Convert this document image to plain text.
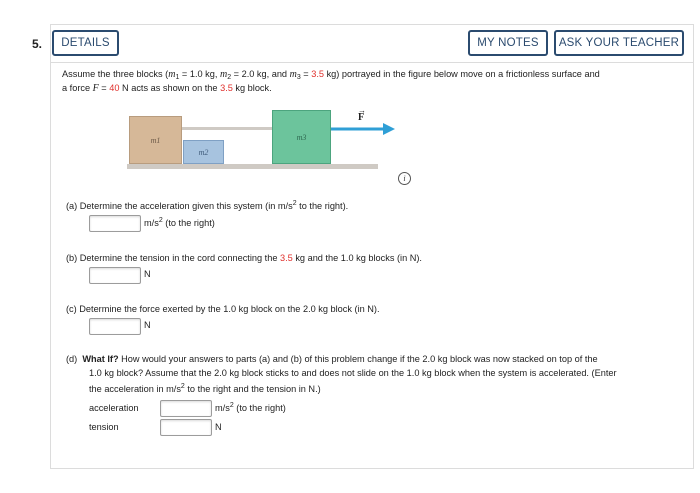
5.	DETAILS	MY NOTES	ASK YOUR TEACHER
Assume the three blocks ($m_1 = 1.0$ kg, $m_2 = 2.0$ kg, and $m_3 = 3.5$ kg) portrayed in the figure below move on a frictionless surface and
a force F = 40 N acts as shown on the 3.5 kg block.
m1
m2
m3
→
F
i
(a) Determine the acceleration given this system (in $m/s^2$ to the right).
$m/s^2$ (to the right)
(b) Determine the tension in the cord connecting the 3.5 kg and the 1.0 kg blocks (in N).
N
(c) Determine the force exerted by the 1.0 kg block on the 2.0 kg block (in N).
N
(d) What If? How would your answers to parts (a) and (b) of this problem change if the 2.0 kg block was now stacked on top of the
1.0 kg block? Assume that the 2.0 kg block sticks to and does not slide on the 1.0 kg block when the system is accelerated. (Enter
the acceleration in $m/s^2$ to the right and the tension in N.)
acceleration	$m/s^2$ (to the right)
tension	N
